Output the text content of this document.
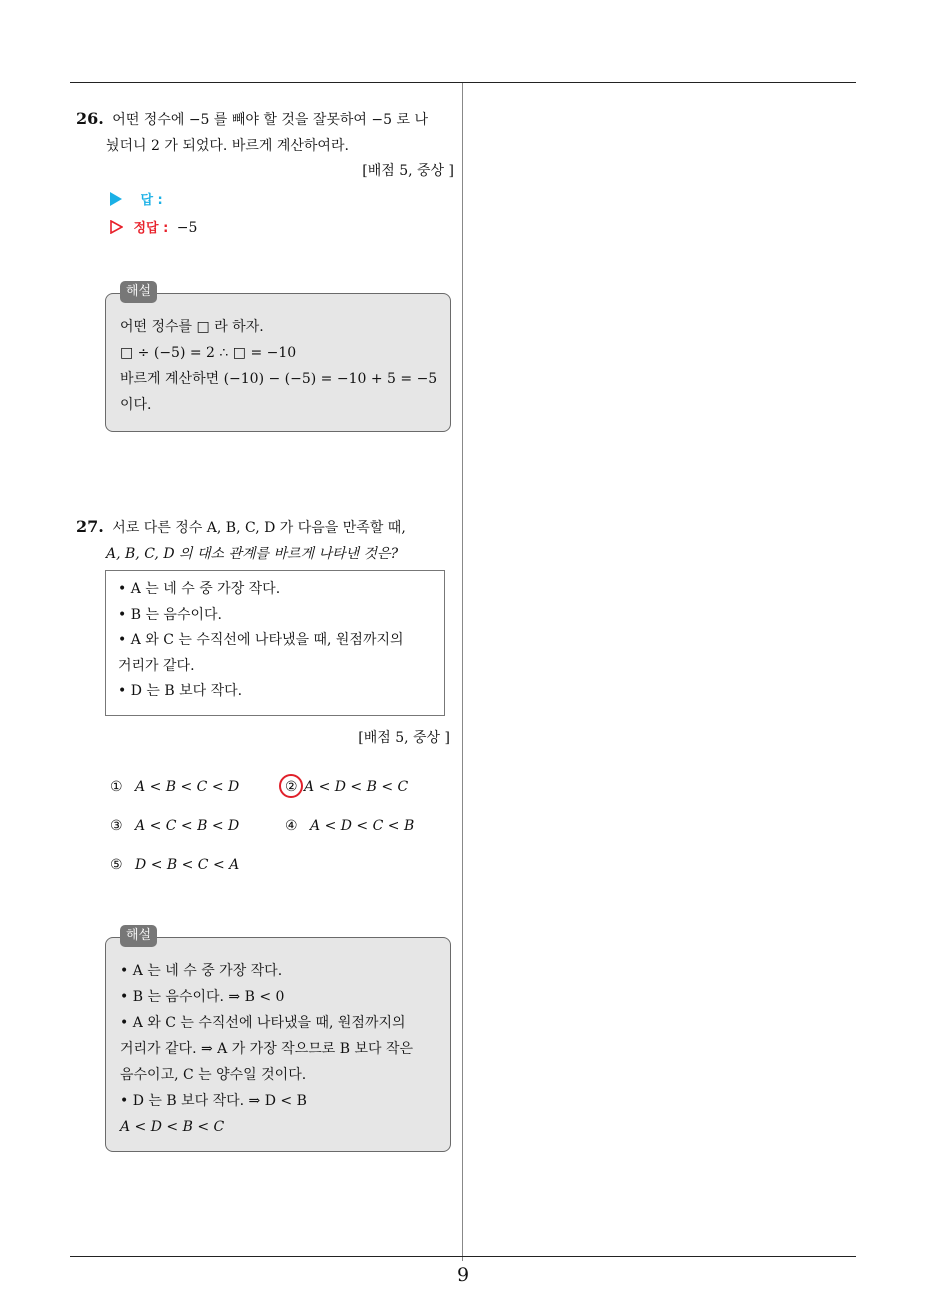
26. 어떤 정수에 −5 를 빼야 할 것을 잘못하여 −5 로 나
눴더니 2 가 되었다. 바르게 계산하여라.
[배점 5, 중상 ]
답 :
정답 : −5
해설
어떤 정수를 □ 라 하자.
□ ÷ (−5) = 2 ∴ □ = −10
바르게 계산하면 (−10) − (−5) = −10 + 5 = −5
이다.
27. 서로 다른 정수 A, B, C, D 가 다음을 만족할 때,
A, B, C, D 의 대소 관계를 바르게 나타낸 것은?
• A 는 네 수 중 가장 작다.
• B 는 음수이다.
• A 와 C 는 수직선에 나타냈을 때, 원점까지의
거리가 같다.
• D 는 B 보다 작다.
[배점 5, 중상 ]
① A < B < C < D	② A < D < B < C
③ A < C < B < D	④ A < D < C < B
⑤ D < B < C < A
해설
• A 는 네 수 중 가장 작다.
• B 는 음수이다. ⇒ B < 0
• A 와 C 는 수직선에 나타냈을 때, 원점까지의
거리가 같다. ⇒ A 가 가장 작으므로 B 보다 작은
음수이고, C 는 양수일 것이다.
• D 는 B 보다 작다. ⇒ D < B
A < D < B < C
9
